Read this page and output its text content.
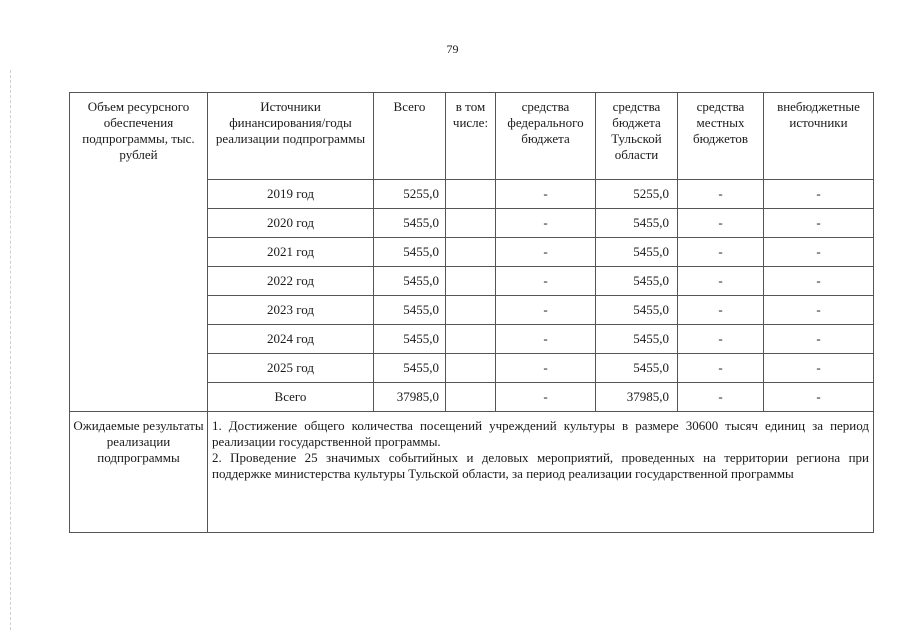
79
Объем ресурсного обеспечения подпрограммы, тыс. рублей	Источники финансирования/годы реализации подпрограммы	Всего	в том числе:	средства федерального бюджета	средства бюджета Тульской области	средства местных бюджетов	внебюджетные источники
	2019 год	5255,0		-	5255,0	-	-
	2020 год	5455,0		-	5455,0	-	-
	2021 год	5455,0		-	5455,0	-	-
	2022 год	5455,0		-	5455,0	-	-
	2023 год	5455,0		-	5455,0	-	-
	2024 год	5455,0		-	5455,0	-	-
	2025 год	5455,0		-	5455,0	-	-
	Всего	37985,0		-	37985,0	-	-
Ожидаемые результаты реализации подпрограммы	1. Достижение общего количества посещений учреждений культуры в размере 30600 тысяч единиц за период реализации государственной программы.
2. Проведение 25 значимых событийных и деловых мероприятий, проведенных на территории региона при поддержке министерства культуры Тульской области, за период реализации государственной программы						
